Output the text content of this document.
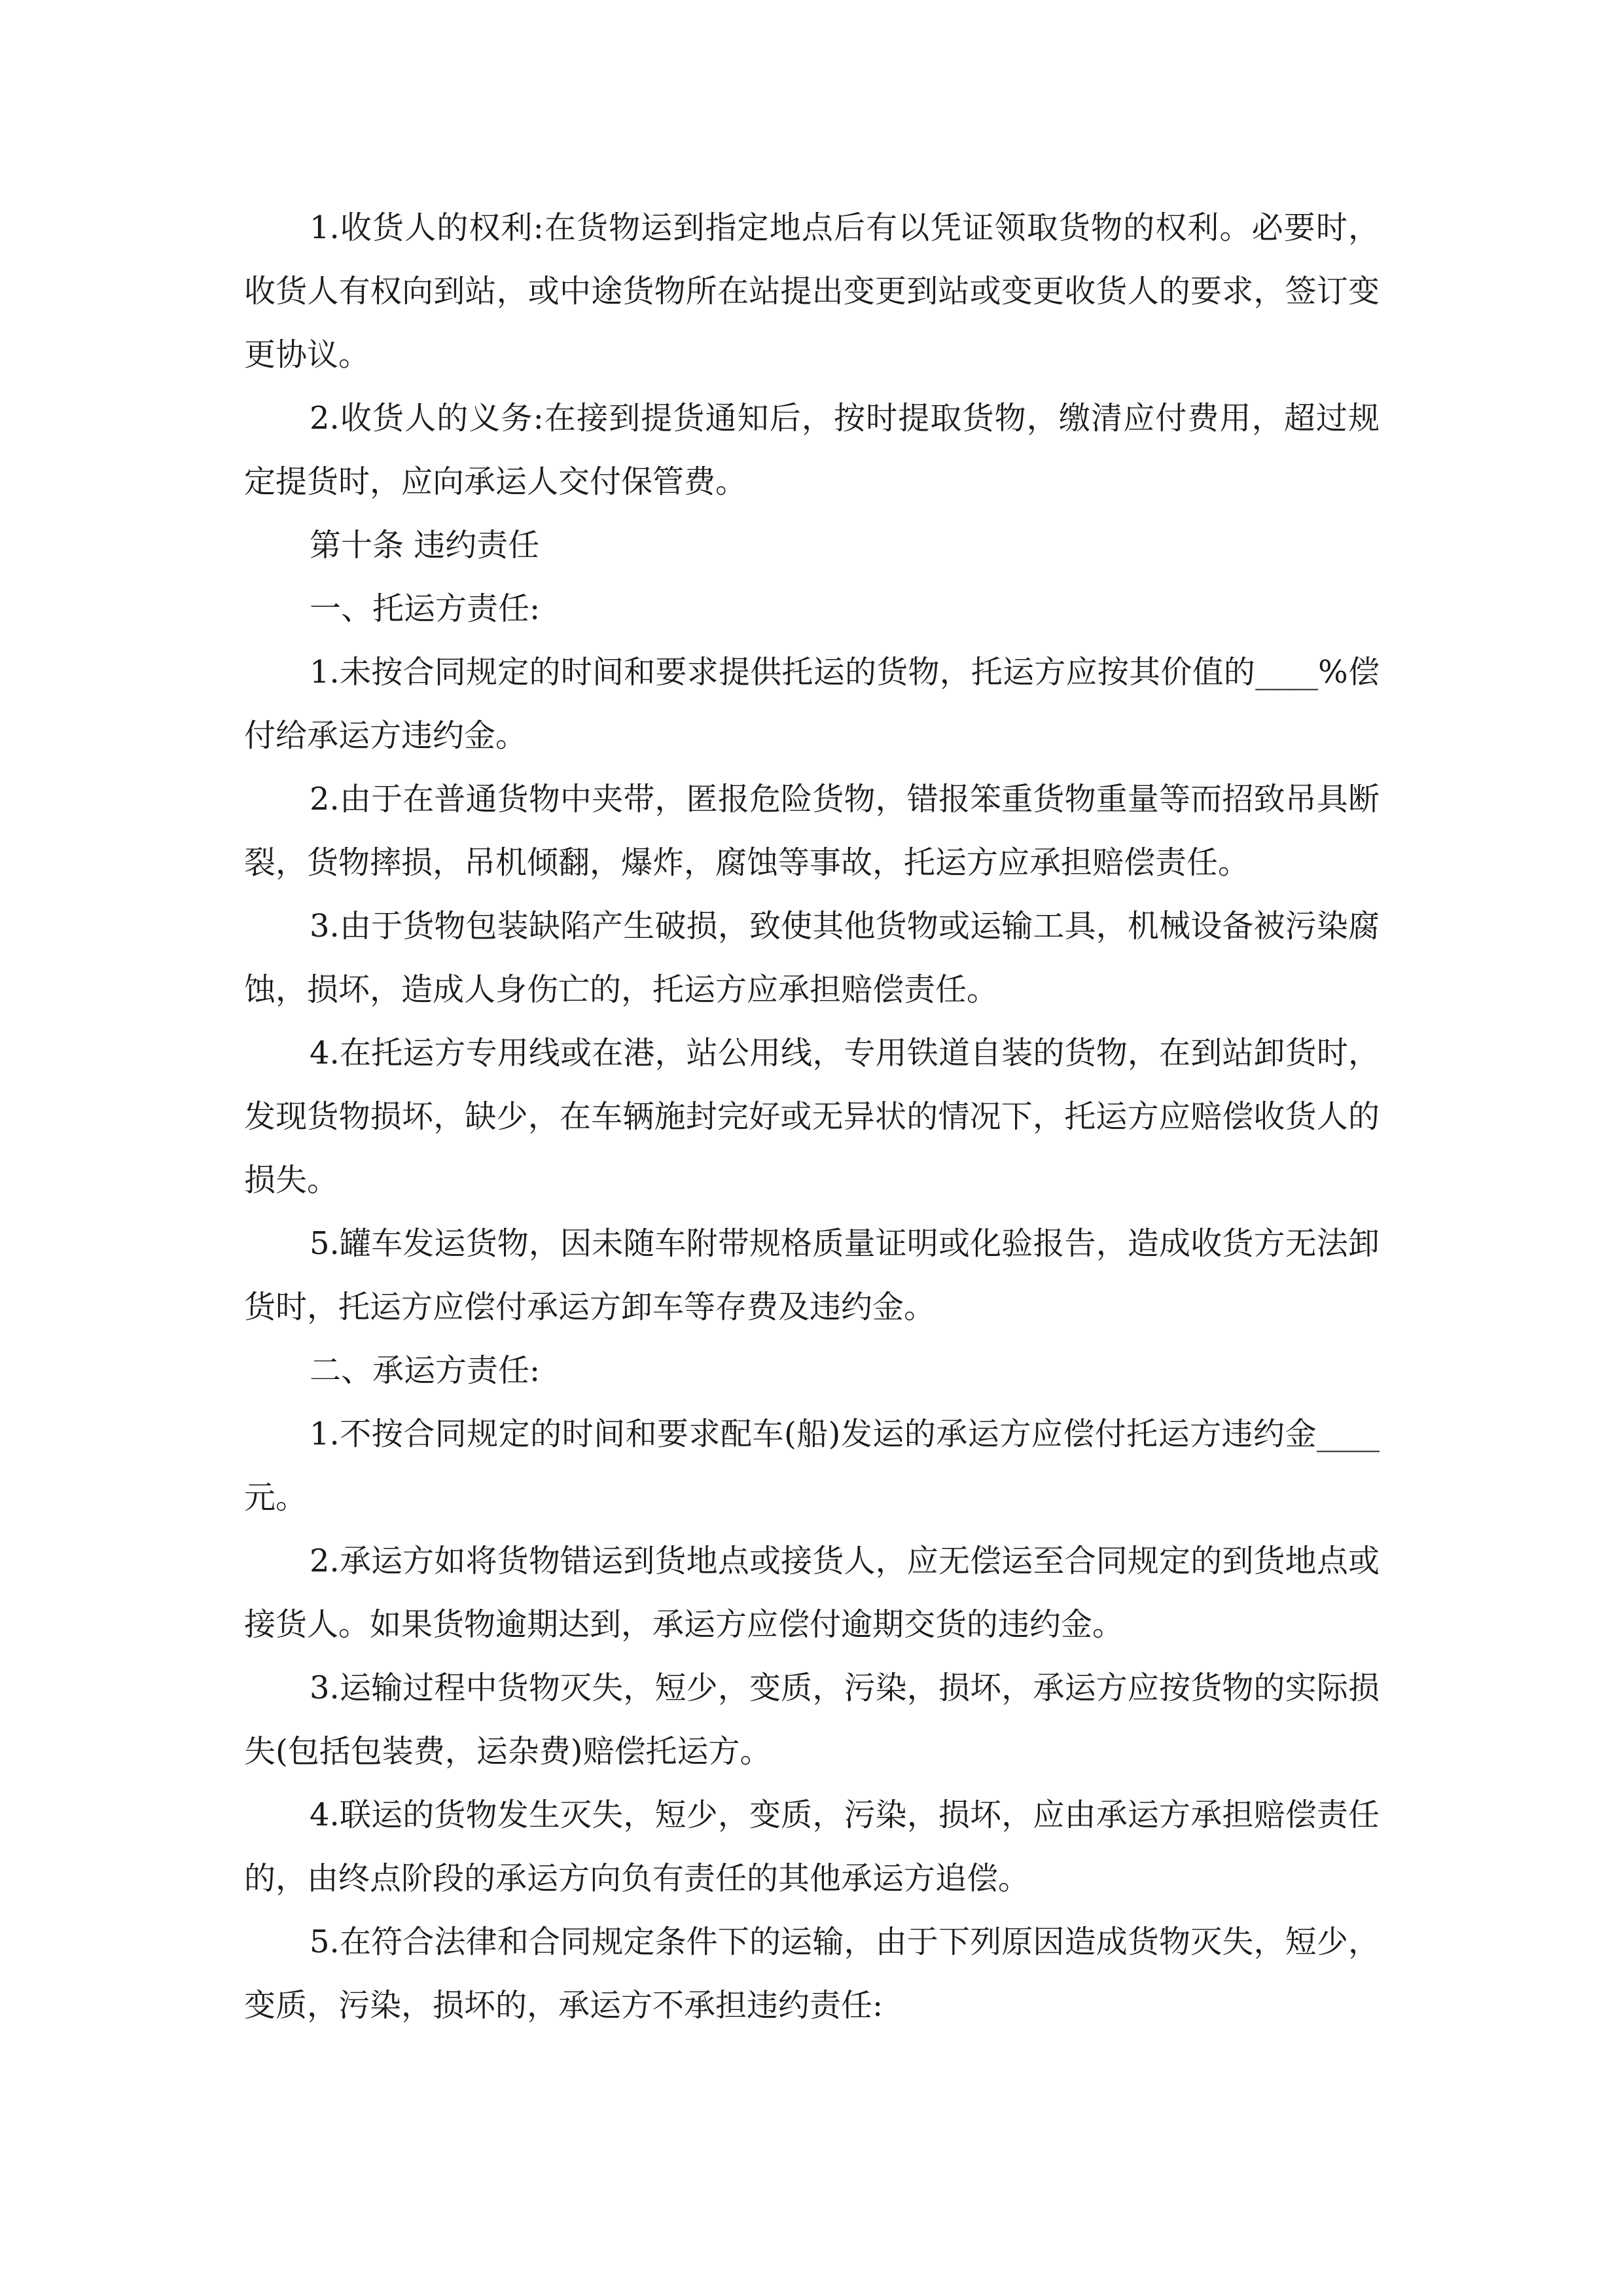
1.收货人的权利:在货物运到指定地点后有以凭证领取货物的权利。必要时，收货人有权向到站，或中途货物所在站提出变更到站或变更收货人的要求，签订变更协议。

2.收货人的义务:在接到提货通知后，按时提取货物，缴清应付费用，超过规定提货时，应向承运人交付保管费。

第十条 违约责任

一、托运方责任:

1.未按合同规定的时间和要求提供托运的货物，托运方应按其价值的____%偿付给承运方违约金。

2.由于在普通货物中夹带，匿报危险货物，错报笨重货物重量等而招致吊具断裂，货物摔损，吊机倾翻，爆炸，腐蚀等事故，托运方应承担赔偿责任。

3.由于货物包装缺陷产生破损，致使其他货物或运输工具，机械设备被污染腐蚀，损坏，造成人身伤亡的，托运方应承担赔偿责任。

4.在托运方专用线或在港，站公用线，专用铁道自装的货物，在到站卸货时，发现货物损坏，缺少，在车辆施封完好或无异状的情况下，托运方应赔偿收货人的损失。

5.罐车发运货物，因未随车附带规格质量证明或化验报告，造成收货方无法卸货时，托运方应偿付承运方卸车等存费及违约金。

二、承运方责任:

1.不按合同规定的时间和要求配车(船)发运的承运方应偿付托运方违约金____元。

2.承运方如将货物错运到货地点或接货人，应无偿运至合同规定的到货地点或接货人。如果货物逾期达到，承运方应偿付逾期交货的违约金。

3.运输过程中货物灭失，短少，变质，污染，损坏，承运方应按货物的实际损失(包括包装费，运杂费)赔偿托运方。

4.联运的货物发生灭失，短少，变质，污染，损坏，应由承运方承担赔偿责任的，由终点阶段的承运方向负有责任的其他承运方追偿。

5.在符合法律和合同规定条件下的运输，由于下列原因造成货物灭失，短少，变质，污染，损坏的，承运方不承担违约责任:
